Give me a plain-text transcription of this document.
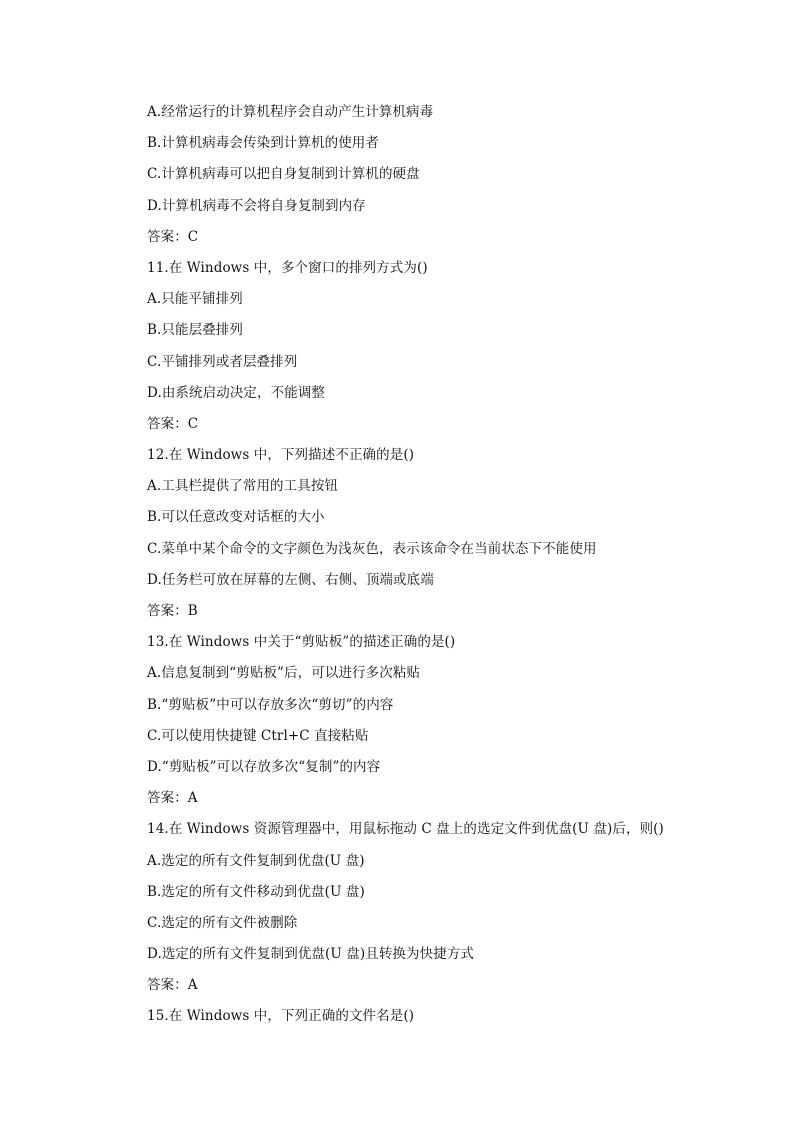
A.经常运行的计算机程序会自动产生计算机病毒
B.计算机病毒会传染到计算机的使用者
C.计算机病毒可以把自身复制到计算机的硬盘
D.计算机病毒不会将自身复制到内存
答案：C
11.在 Windows 中，多个窗口的排列方式为()
A.只能平铺排列
B.只能层叠排列
C.平铺排列或者层叠排列
D.由系统启动决定，不能调整
答案：C
12.在 Windows 中，下列描述不正确的是()
A.工具栏提供了常用的工具按钮
B.可以任意改变对话框的大小
C.菜单中某个命令的文字颜色为浅灰色，表示该命令在当前状态下不能使用
D.任务栏可放在屏幕的左侧、右侧、顶端或底端
答案：B
13.在 Windows 中关于“剪贴板”的描述正确的是()
A.信息复制到“剪贴板”后，可以进行多次粘贴
B.“剪贴板”中可以存放多次“剪切”的内容
C.可以使用快捷键 Ctrl+C 直接粘贴
D.“剪贴板”可以存放多次“复制”的内容
答案：A
14.在 Windows 资源管理器中，用鼠标拖动 C 盘上的选定文件到优盘(U 盘)后，则()
A.选定的所有文件复制到优盘(U 盘)
B.选定的所有文件移动到优盘(U 盘)
C.选定的所有文件被删除
D.选定的所有文件复制到优盘(U 盘)且转换为快捷方式
答案：A
15.在 Windows 中，下列正确的文件名是()
